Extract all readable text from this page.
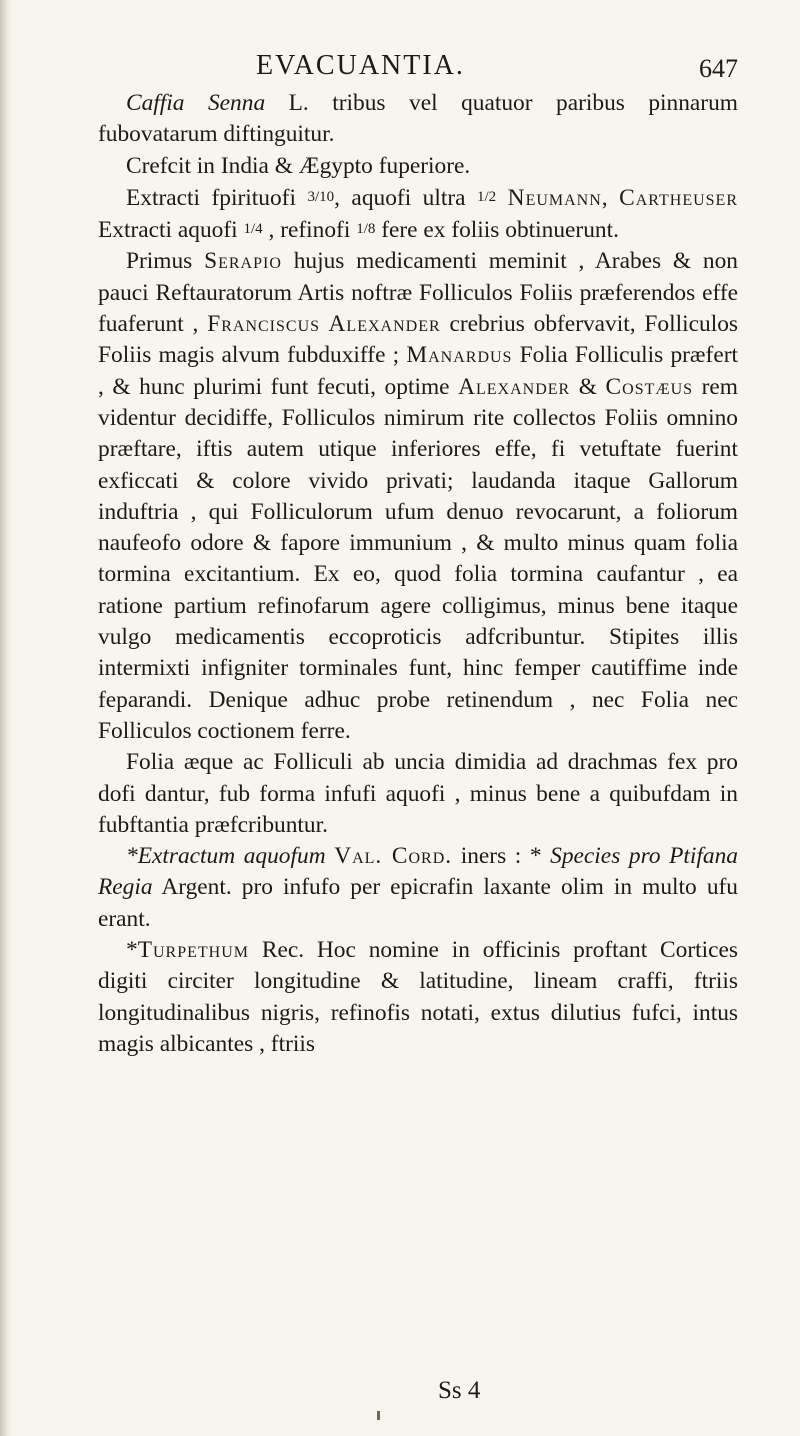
EVACUANTIA.	647

Caffia Senna L. tribus vel quatuor paribus pinnarum fubovatarum diftinguitur.

Crefcit in India & Ægypto fuperiore.

Extracti fpirituofi 3/10, aquofi ultra 1/2 Neumann, Cartheuser Extracti aquofi 1/4 , refinofi 1/8 fere ex foliis obtinuerunt.

Primus Serapio hujus medicamenti meminit , Arabes & non pauci Reftauratorum Artis noftræ Folliculos Foliis præferendos effe fuaferunt , Franciscus Alexander crebrius obfervavit, Folliculos Foliis magis alvum fubduxiffe ; Manardus Folia Folliculis præfert , & hunc plurimi funt fecuti, optime Alexander & Costæus rem videntur decidiffe, Folliculos nimirum rite collectos Foliis omnino præftare, iftis autem utique inferiores effe, fi vetuftate fuerint exficcati & colore vivido privati; laudanda itaque Gallorum induftria , qui Folliculorum ufum denuo revocarunt, a foliorum naufeofo odore & fapore immunium , & multo minus quam folia tormina excitantium. Ex eo, quod folia tormina caufantur , ea ratione partium refinofarum agere colligimus, minus bene itaque vulgo medicamentis eccoproticis adfcribuntur. Stipites illis intermixti infigniter torminales funt, hinc femper cautiffime inde feparandi. Denique adhuc probe retinendum , nec Folia nec Folliculos coctionem ferre.

Folia æque ac Folliculi ab uncia dimidia ad drachmas fex pro dofi dantur, fub forma infufi aquofi , minus bene a quibufdam in fubftantia præfcribuntur.

*Extractum aquofum Val. Cord. iners : * Species pro Ptifana Regia Argent. pro infufo per epicrafin laxante olim in multo ufu erant.

*Turpethum Rec. Hoc nomine in officinis proftant Cortices digiti circiter longitudine & latitudine, lineam craffi, ftriis longitudinalibus nigris, refinofis notati, extus dilutius fufci, intus magis albicantes , ftriis

Ss 4
